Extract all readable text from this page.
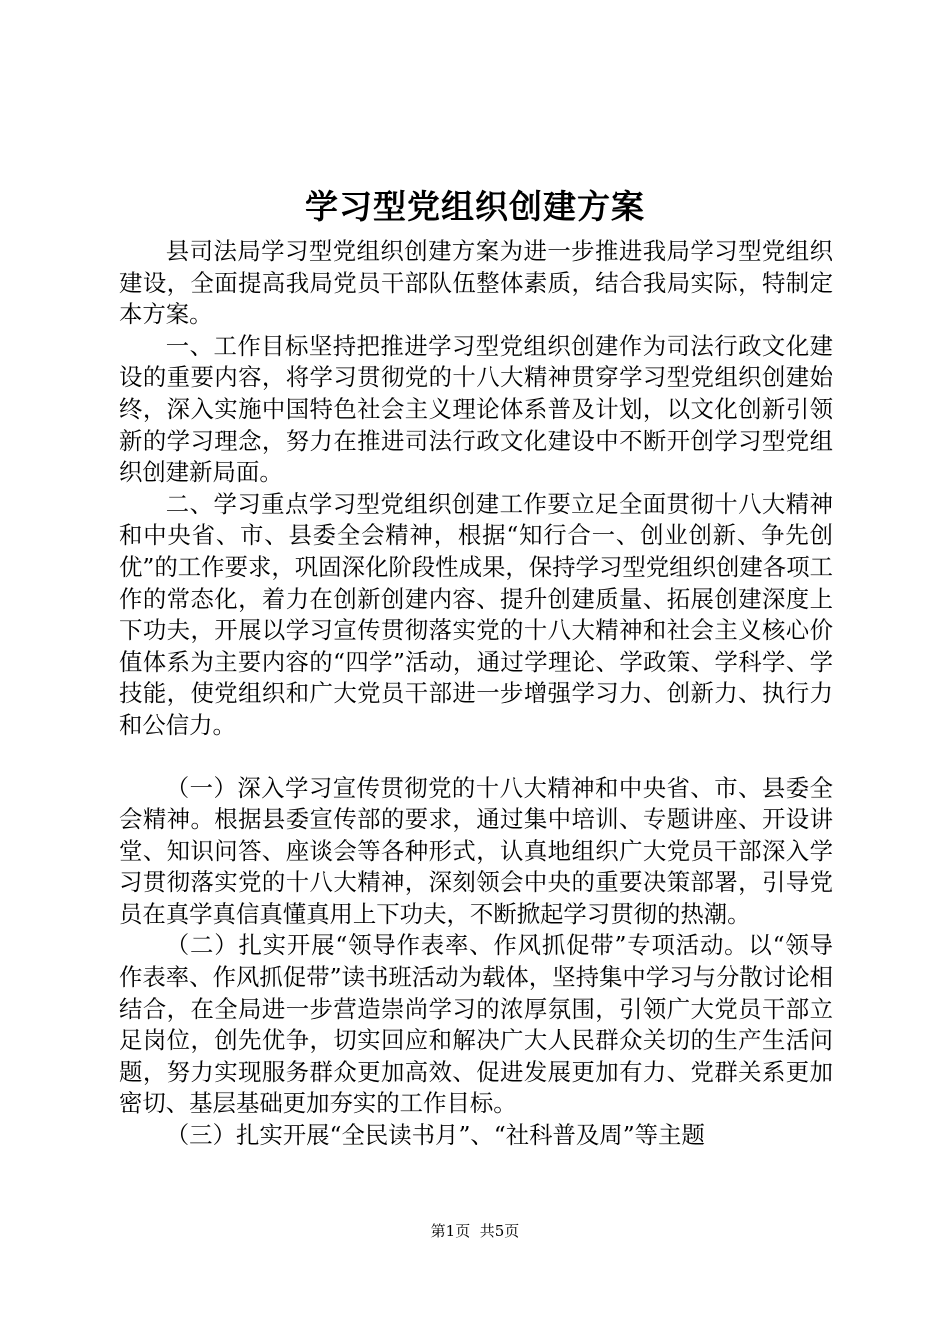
学习型党组织创建方案

县司法局学习型党组织创建方案为进一步推进我局学习型党组织建设，全面提高我局党员干部队伍整体素质，结合我局实际，特制定本方案。

一、工作目标坚持把推进学习型党组织创建作为司法行政文化建设的重要内容，将学习贯彻党的十八大精神贯穿学习型党组织创建始终，深入实施中国特色社会主义理论体系普及计划，以文化创新引领新的学习理念，努力在推进司法行政文化建设中不断开创学习型党组织创建新局面。

二、学习重点学习型党组织创建工作要立足全面贯彻十八大精神和中央省、市、县委全会精神，根据“知行合一、创业创新、争先创优”的工作要求，巩固深化阶段性成果，保持学习型党组织创建各项工作的常态化，着力在创新创建内容、提升创建质量、拓展创建深度上下功夫，开展以学习宣传贯彻落实党的十八大精神和社会主义核心价值体系为主要内容的“四学”活动，通过学理论、学政策、学科学、学技能，使党组织和广大党员干部进一步增强学习力、创新力、执行力和公信力。

（一）深入学习宣传贯彻党的十八大精神和中央省、市、县委全会精神。根据县委宣传部的要求，通过集中培训、专题讲座、开设讲堂、知识问答、座谈会等各种形式，认真地组织广大党员干部深入学习贯彻落实党的十八大精神，深刻领会中央的重要决策部署，引导党员在真学真信真懂真用上下功夫，不断掀起学习贯彻的热潮。

（二）扎实开展“领导作表率、作风抓促带”专项活动。以“领导作表率、作风抓促带”读书班活动为载体，坚持集中学习与分散讨论相结合，在全局进一步营造崇尚学习的浓厚氛围，引领广大党员干部立足岗位，创先优争，切实回应和解决广大人民群众关切的生产生活问题，努力实现服务群众更加高效、促进发展更加有力、党群关系更加密切、基层基础更加夯实的工作目标。

（三）扎实开展“全民读书月”、“社科普及周”等主题

第1页 共5页
